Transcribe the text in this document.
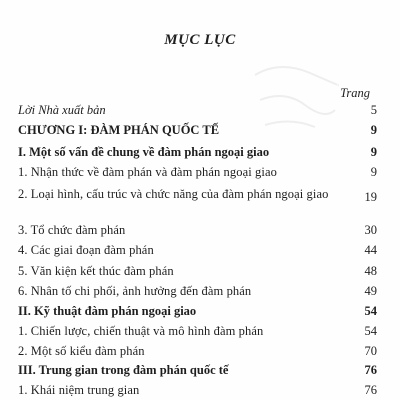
MỤC LỤC
Trang
Lời Nhà xuất bản	5
CHƯƠNG I: ĐÀM PHÁN QUỐC TẾ	9
I. Một số vấn đề chung về đàm phán ngoại giao	9
1. Nhận thức về đàm phán và đàm phán ngoại giao	9
2. Loại hình, cấu trúc và chức năng của đàm phán ngoại giao	19
3. Tổ chức đàm phán	30
4. Các giai đoạn đàm phán	44
5. Văn kiện kết thúc đàm phán	48
6. Nhân tố chi phối, ảnh hưởng đến đàm phán	49
II. Kỹ thuật đàm phán ngoại giao	54
1. Chiến lược, chiến thuật và mô hình đàm phán	54
2. Một số kiểu đàm phán	70
III. Trung gian trong đàm phán quốc tế	76
1. Khái niệm trung gian	76
